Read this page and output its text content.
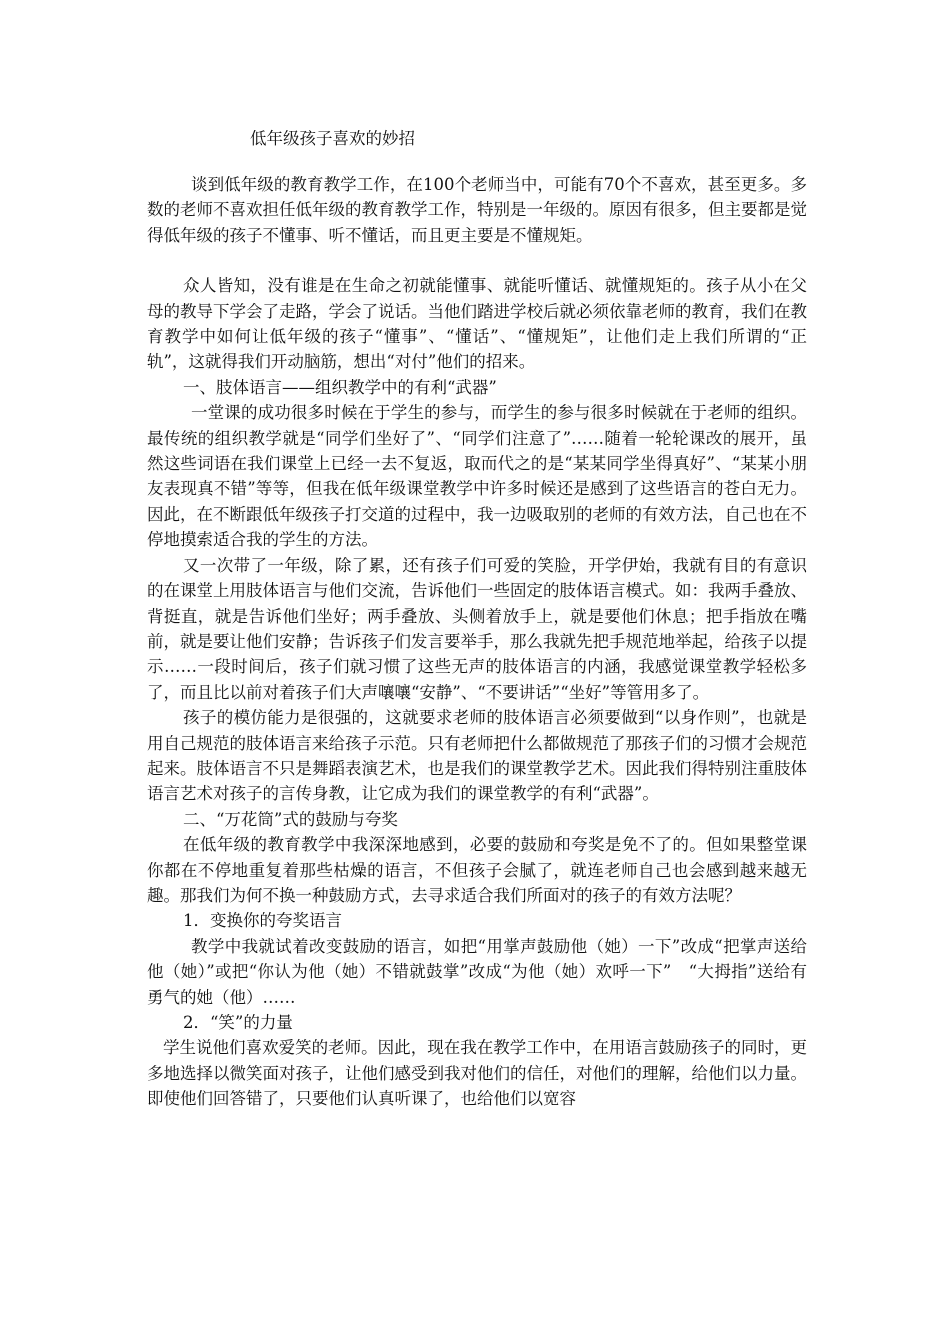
低年级孩子喜欢的妙招

谈到低年级的教育教学工作，在100个老师当中，可能有70个不喜欢，甚至更多。多数的老师不喜欢担任低年级的教育教学工作，特别是一年级的。原因有很多，但主要都是觉得低年级的孩子不懂事、听不懂话，而且更主要是不懂规矩。

众人皆知，没有谁是在生命之初就能懂事、就能听懂话、就懂规矩的。孩子从小在父母的教导下学会了走路，学会了说话。当他们踏进学校后就必须依靠老师的教育，我们在教育教学中如何让低年级的孩子“懂事”、“懂话”、“懂规矩”，让他们走上我们所谓的“正轨”，这就得我们开动脑筋，想出“对付”他们的招来。

一、肢体语言——组织教学中的有利“武器”

一堂课的成功很多时候在于学生的参与，而学生的参与很多时候就在于老师的组织。最传统的组织教学就是“同学们坐好了”、“同学们注意了”……随着一轮轮课改的展开，虽然这些词语在我们课堂上已经一去不复返，取而代之的是“某某同学坐得真好”、“某某小朋友表现真不错”等等，但我在低年级课堂教学中许多时候还是感到了这些语言的苍白无力。因此，在不断跟低年级孩子打交道的过程中，我一边吸取别的老师的有效方法，自己也在不停地摸索适合我的学生的方法。

又一次带了一年级，除了累，还有孩子们可爱的笑脸，开学伊始，我就有目的有意识的在课堂上用肢体语言与他们交流，告诉他们一些固定的肢体语言模式。如：我两手叠放、背挺直，就是告诉他们坐好；两手叠放、头侧着放手上，就是要他们休息；把手指放在嘴前，就是要让他们安静；告诉孩子们发言要举手，那么我就先把手规范地举起，给孩子以提示……一段时间后，孩子们就习惯了这些无声的肢体语言的内涵，我感觉课堂教学轻松多了，而且比以前对着孩子们大声嚷嚷“安静”、“不要讲话”“坐好”等管用多了。

孩子的模仿能力是很强的，这就要求老师的肢体语言必须要做到“以身作则”，也就是用自己规范的肢体语言来给孩子示范。只有老师把什么都做规范了那孩子们的习惯才会规范起来。肢体语言不只是舞蹈表演艺术，也是我们的课堂教学艺术。因此我们得特别注重肢体语言艺术对孩子的言传身教，让它成为我们的课堂教学的有利“武器”。

二、“万花筒”式的鼓励与夸奖

在低年级的教育教学中我深深地感到，必要的鼓励和夸奖是免不了的。但如果整堂课你都在不停地重复着那些枯燥的语言，不但孩子会腻了，就连老师自己也会感到越来越无趣。那我们为何不换一种鼓励方式，去寻求适合我们所面对的孩子的有效方法呢？

1．变换你的夸奖语言

教学中我就试着改变鼓励的语言，如把“用掌声鼓励他（她）一下”改成“把掌声送给他（她）”或把“你认为他（她）不错就鼓掌”改成“为他（她）欢呼一下”　“大拇指”送给有勇气的她（他）……

2．“笑”的力量

学生说他们喜欢爱笑的老师。因此，现在我在教学工作中，在用语言鼓励孩子的同时，更多地选择以微笑面对孩子，让他们感受到我对他们的信任，对他们的理解，给他们以力量。即使他们回答错了，只要他们认真听课了，也给他们以宽容
